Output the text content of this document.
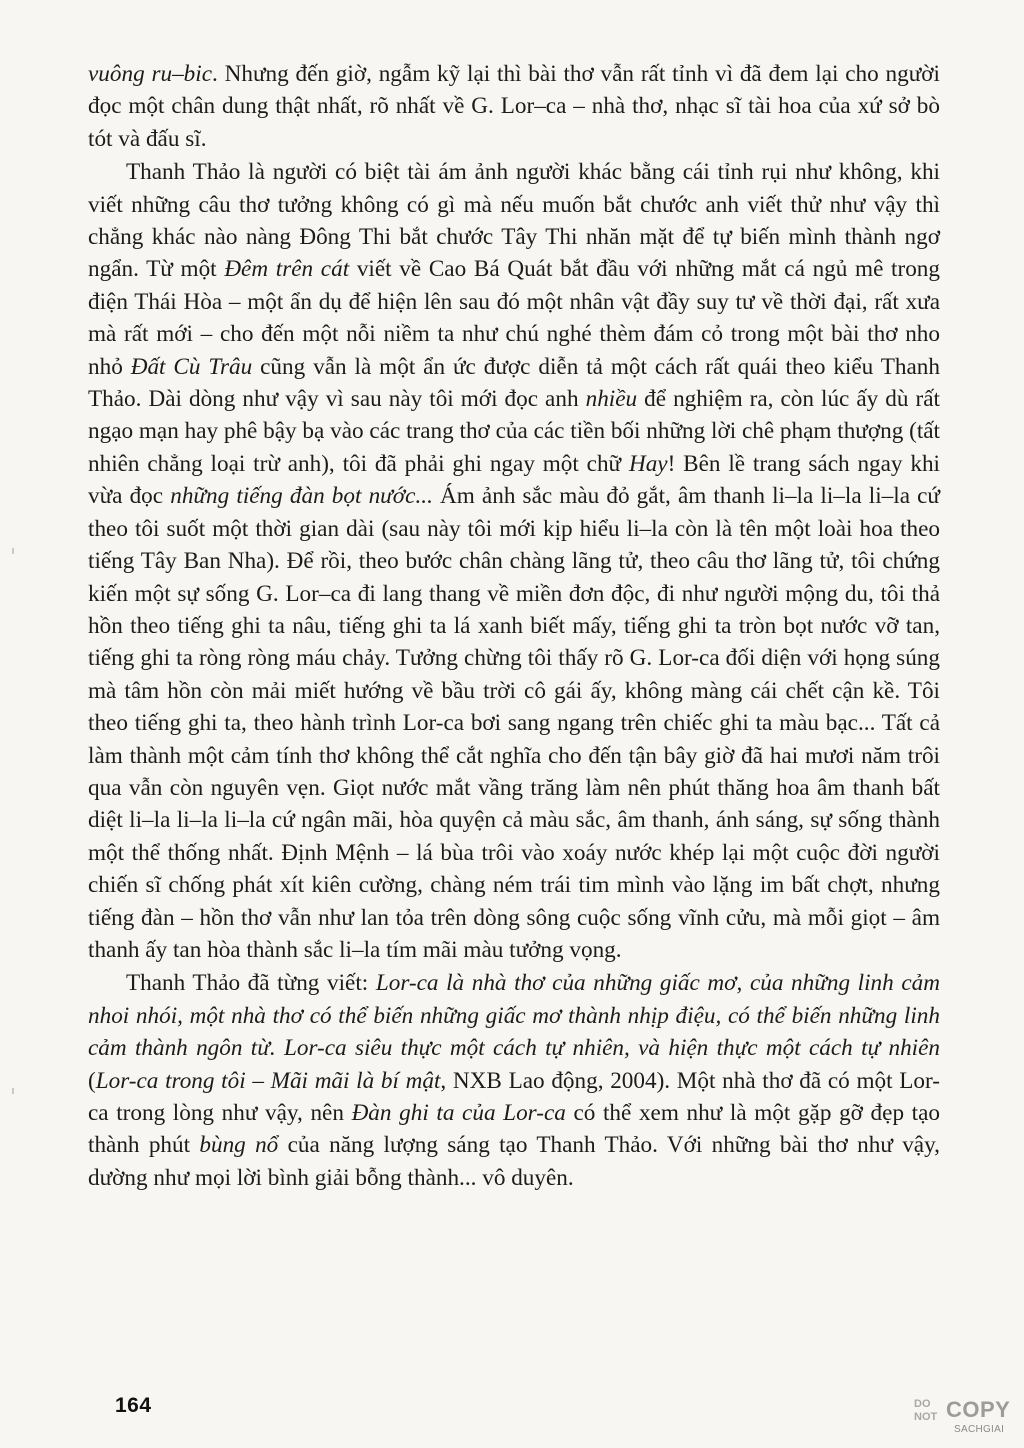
vuông ru–bic. Nhưng đến giờ, ngẫm kỹ lại thì bài thơ vẫn rất tỉnh vì đã đem lại cho người đọc một chân dung thật nhất, rõ nhất về G. Lor–ca – nhà thơ, nhạc sĩ tài hoa của xứ sở bò tót và đấu sĩ.

Thanh Thảo là người có biệt tài ám ảnh người khác bằng cái tỉnh rụi như không, khi viết những câu thơ tưởng không có gì mà nếu muốn bắt chước anh viết thử như vậy thì chẳng khác nào nàng Đông Thi bắt chước Tây Thi nhăn mặt để tự biến mình thành ngơ ngẩn. Từ một Đêm trên cát viết về Cao Bá Quát bắt đầu với những mắt cá ngủ mê trong điện Thái Hòa – một ẩn dụ để hiện lên sau đó một nhân vật đầy suy tư về thời đại, rất xưa mà rất mới – cho đến một nỗi niềm ta như chú nghé thèm đám cỏ trong một bài thơ nho nhỏ Đất Cù Trâu cũng vẫn là một ẩn ức được diễn tả một cách rất quái theo kiểu Thanh Thảo. Dài dòng như vậy vì sau này tôi mới đọc anh nhiều để nghiệm ra, còn lúc ấy dù rất ngạo mạn hay phê bậy bạ vào các trang thơ của các tiền bối những lời chê phạm thượng (tất nhiên chẳng loại trừ anh), tôi đã phải ghi ngay một chữ Hay! Bên lề trang sách ngay khi vừa đọc những tiếng đàn bọt nước... Ám ảnh sắc màu đỏ gắt, âm thanh li–la li–la li–la cứ theo tôi suốt một thời gian dài (sau này tôi mới kịp hiểu li–la còn là tên một loài hoa theo tiếng Tây Ban Nha). Để rồi, theo bước chân chàng lãng tử, theo câu thơ lãng tử, tôi chứng kiến một sự sống G. Lor–ca đi lang thang về miền đơn độc, đi như người mộng du, tôi thả hồn theo tiếng ghi ta nâu, tiếng ghi ta lá xanh biết mấy, tiếng ghi ta tròn bọt nước vỡ tan, tiếng ghi ta ròng ròng máu chảy. Tưởng chừng tôi thấy rõ G. Lor-ca đối diện với họng súng mà tâm hồn còn mải miết hướng về bầu trời cô gái ấy, không màng cái chết cận kề. Tôi theo tiếng ghi ta, theo hành trình Lor-ca bơi sang ngang trên chiếc ghi ta màu bạc... Tất cả làm thành một cảm tính thơ không thể cắt nghĩa cho đến tận bây giờ đã hai mươi năm trôi qua vẫn còn nguyên vẹn. Giọt nước mắt vầng trăng làm nên phút thăng hoa âm thanh bất diệt li–la li–la li–la cứ ngân mãi, hòa quyện cả màu sắc, âm thanh, ánh sáng, sự sống thành một thể thống nhất. Định Mệnh – lá bùa trôi vào xoáy nước khép lại một cuộc đời người chiến sĩ chống phát xít kiên cường, chàng ném trái tim mình vào lặng im bất chợt, nhưng tiếng đàn – hồn thơ vẫn như lan tỏa trên dòng sông cuộc sống vĩnh cửu, mà mỗi giọt – âm thanh ấy tan hòa thành sắc li–la tím mãi màu tưởng vọng.

Thanh Thảo đã từng viết: Lor-ca là nhà thơ của những giấc mơ, của những linh cảm nhoi nhói, một nhà thơ có thể biến những giấc mơ thành nhịp điệu, có thể biến những linh cảm thành ngôn từ. Lor-ca siêu thực một cách tự nhiên, và hiện thực một cách tự nhiên (Lor-ca trong tôi – Mãi mãi là bí mật, NXB Lao động, 2004). Một nhà thơ đã có một Lor-ca trong lòng như vậy, nên Đàn ghi ta của Lor-ca có thể xem như là một gặp gỡ đẹp tạo thành phút bùng nổ của năng lượng sáng tạo Thanh Thảo. Với những bài thơ như vậy, dường như mọi lời bình giải bỗng thành... vô duyên.

164	DO
NOT COPY
SACHGIAI
